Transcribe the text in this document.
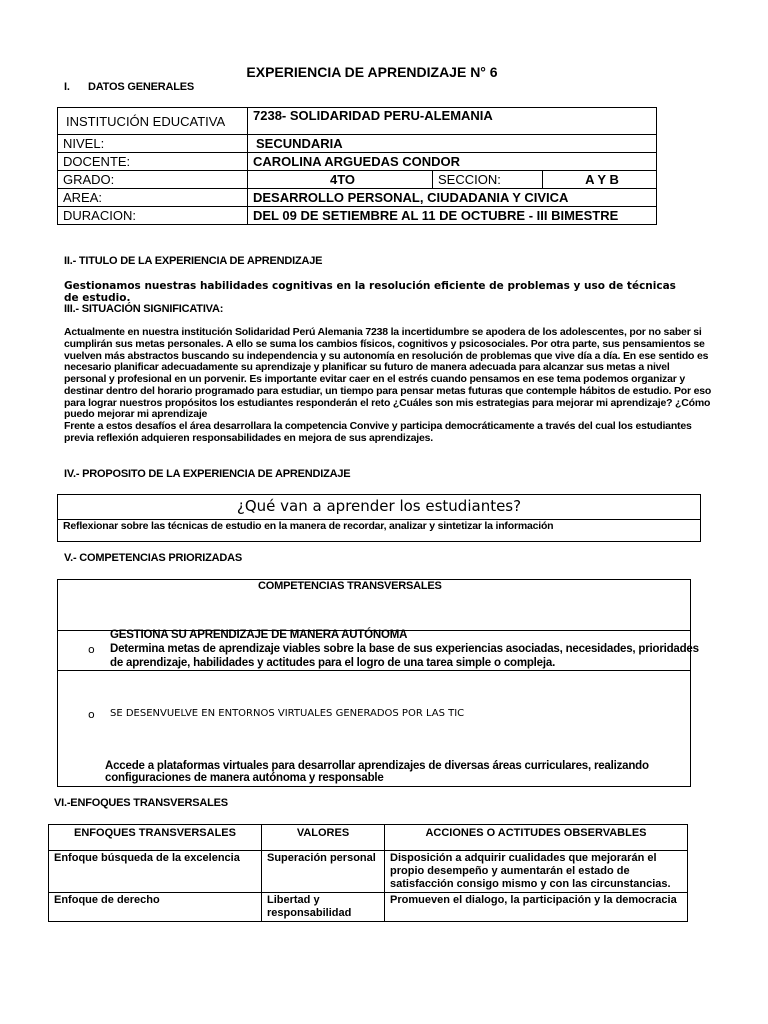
EXPERIENCIA DE APRENDIZAJE N° 6
I. DATOS GENERALES
INSTITUCIÓN EDUCATIVA	7238- SOLIDARIDAD PERU-ALEMANIA		
NIVEL:	SECUNDARIA		
DOCENTE:	CAROLINA ARGUEDAS CONDOR		
GRADO:	4TO	SECCION:	A Y B
AREA:	DESARROLLO PERSONAL, CIUDADANIA Y CIVICA		
DURACION:	DEL 09 DE SETIEMBRE AL 11 DE OCTUBRE - III BIMESTRE		
II.- TITULO DE LA EXPERIENCIA DE APRENDIZAJE
Gestionamos nuestras habilidades cognitivas en la resolución eficiente de problemas y uso de técnicas de estudio.
III.- SITUACIÓN SIGNIFICATIVA:
Actualmente en nuestra institución Solidaridad Perú Alemania 7238 la incertidumbre se apodera de los adolescentes, por no saber si
cumplirán sus metas personales. A ello se suma los cambios físicos, cognitivos y psicosociales. Por otra parte, sus pensamientos se
vuelven más abstractos buscando su independencia y su autonomía en resolución de problemas que vive día a día. En ese sentido es
necesario planificar adecuadamente su aprendizaje y planificar su futuro de manera adecuada para alcanzar sus metas a nivel
personal y profesional en un porvenir. Es importante evitar caer en el estrés cuando pensamos en ese tema podemos organizar y
destinar dentro del horario programado para estudiar, un tiempo para pensar metas futuras que contemple hábitos de estudio. Por eso
para lograr nuestros propósitos los estudiantes responderán el reto ¿Cuáles son mis estrategias para mejorar mi aprendizaje? ¿Cómo
puedo mejorar mi aprendizaje
Frente a estos desafíos el área desarrollara la competencia Convive y participa democráticamente a través del cual los estudiantes
previa reflexión adquieren responsabilidades en mejora de sus aprendizajes.
IV.- PROPOSITO DE LA EXPERIENCIA DE APRENDIZAJE
¿Qué van a aprender los estudiantes?
Reflexionar sobre las técnicas de estudio en la manera de recordar, analizar y sintetizar la información
V.- COMPETENCIAS PRIORIZADAS
COMPETENCIAS TRANSVERSALES
GESTIONA SU APRENDIZAJE DE MANERA AUTÓNOMA
o Determina metas de aprendizaje viables sobre la base de sus experiencias asociadas, necesidades, prioridades
de aprendizaje, habilidades y actitudes para el logro de una tarea simple o compleja.
o SE DESENVUELVE EN ENTORNOS VIRTUALES GENERADOS POR LAS TIC
Accede a plataformas virtuales para desarrollar aprendizajes de diversas áreas curriculares, realizando
configuraciones de manera autónoma y responsable
VI.-ENFOQUES TRANSVERSALES
ENFOQUES TRANSVERSALES	VALORES	ACCIONES O ACTITUDES OBSERVABLES
Enfoque búsqueda de la excelencia	Superación personal	Disposición a adquirir cualidades que mejorarán el propio desempeño y aumentarán el estado de satisfacción consigo mismo y con las circunstancias.
Enfoque de derecho	Libertad y responsabilidad	Promueven el dialogo, la participación y la democracia
